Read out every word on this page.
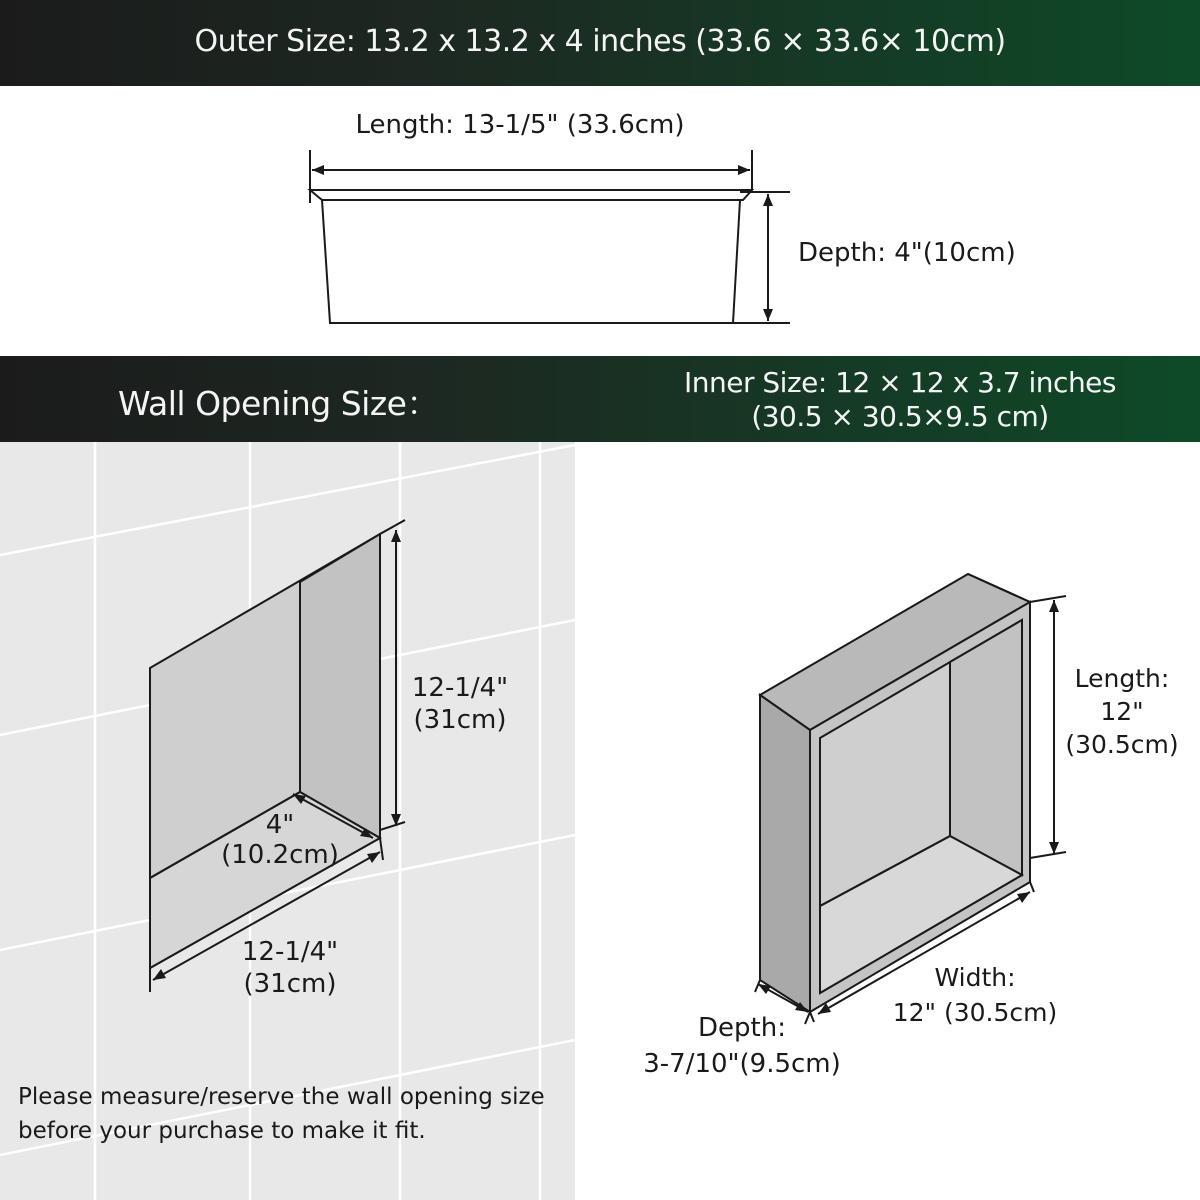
Outer Size: 13.2 x 13.2 x 4 inches (33.6 × 33.6× 10cm)
Length: 13-1/5" (33.6cm)
Depth: 4"(10cm)
Wall Opening Size：
Inner Size: 12 × 12 x 3.7 inches
(30.5 × 30.5×9.5 cm)
12-1/4"
(31cm)
4"
(10.2cm)
12-1/4"
(31cm)
Length:
12"
(30.5cm)
Width:
12" (30.5cm)
Depth:
3-7/10"(9.5cm)
Please measure/reserve the wall opening size before your purchase to make it fit.
